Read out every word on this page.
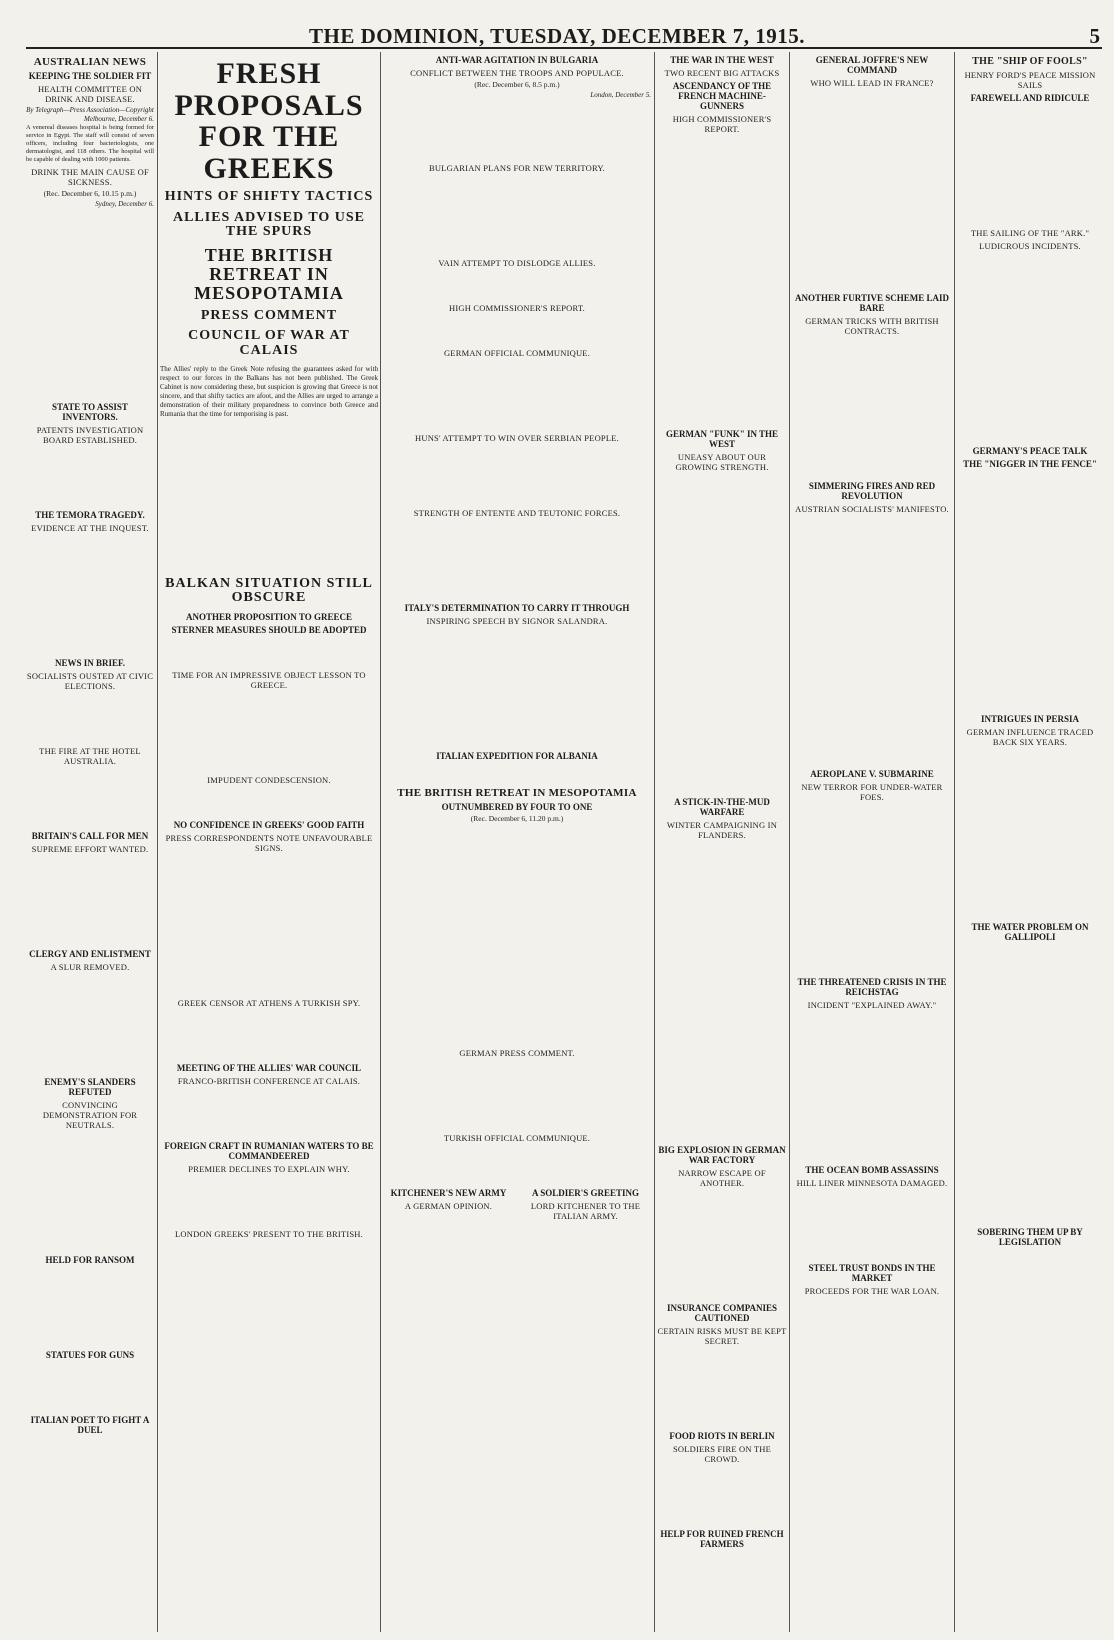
THE DOMINION, TUESDAY, DECEMBER 7, 1915.	5
AUSTRALIAN NEWS
KEEPING THE SOLDIER FIT
HEALTH COMMITTEE ON DRINK AND DISEASE.
By Telegraph—Press Association—Copyright
Melbourne, December 6.
A venereal diseases hospital is being formed for service in Egypt. The staff will consist of seven officers, including four bacteriologists, one dermatologist, and 118 others. The hospital will be capable of dealing with 1000 patients.
DRINK THE MAIN CAUSE OF SICKNESS.
(Rec. December 6, 10.15 p.m.)
Sydney, December 6.
STATE TO ASSIST INVENTORS.
PATENTS INVESTIGATION BOARD ESTABLISHED.
THE TEMORA TRAGEDY.
EVIDENCE AT THE INQUEST.
NEWS IN BRIEF.
SOCIALISTS OUSTED AT CIVIC ELECTIONS.
THE FIRE AT THE HOTEL AUSTRALIA.
BRITAIN'S CALL FOR MEN
SUPREME EFFORT WANTED.
CLERGY AND ENLISTMENT
A SLUR REMOVED.
ENEMY'S SLANDERS REFUTED
CONVINCING DEMONSTRATION FOR NEUTRALS.
HELD FOR RANSOM
STATUES FOR GUNS
ITALIAN POET TO FIGHT A DUEL
FRESH PROPOSALS FOR THE GREEKS
HINTS OF SHIFTY TACTICS
ALLIES ADVISED TO USE THE SPURS
THE BRITISH RETREAT IN MESOPOTAMIA
PRESS COMMENT
COUNCIL OF WAR AT CALAIS
The Allies' reply to the Greek Note refusing the guarantees asked for with respect to our forces in the Balkans has not been published. The Greek Cabinet is now considering these, but suspicion is growing that Greece is not sincere, and that shifty tactics are afoot, and the Allies are urged to arrange a demonstration of their military preparedness to convince both Greece and Rumania that the time for temporising is past.
BALKAN SITUATION STILL OBSCURE
ANOTHER PROPOSITION TO GREECE
STERNER MEASURES SHOULD BE ADOPTED
TIME FOR AN IMPRESSIVE OBJECT LESSON TO GREECE.
IMPUDENT CONDESCENSION.
NO CONFIDENCE IN GREEKS' GOOD FAITH
PRESS CORRESPONDENTS NOTE UNFAVOURABLE SIGNS.
GREEK CENSOR AT ATHENS A TURKISH SPY.
MEETING OF THE ALLIES' WAR COUNCIL
FRANCO-BRITISH CONFERENCE AT CALAIS.
FOREIGN CRAFT IN RUMANIAN WATERS TO BE COMMANDEERED
PREMIER DECLINES TO EXPLAIN WHY.
LONDON GREEKS' PRESENT TO THE BRITISH.
ANTI-WAR AGITATION IN BULGARIA
CONFLICT BETWEEN THE TROOPS AND POPULACE.
(Rec. December 6, 8.5 p.m.)
London, December 5.
BULGARIAN PLANS FOR NEW TERRITORY.
VAIN ATTEMPT TO DISLODGE ALLIES.
HIGH COMMISSIONER'S REPORT.
GERMAN OFFICIAL COMMUNIQUE.
HUNS' ATTEMPT TO WIN OVER SERBIAN PEOPLE.
STRENGTH OF ENTENTE AND TEUTONIC FORCES.
ITALY'S DETERMINATION TO CARRY IT THROUGH
INSPIRING SPEECH BY SIGNOR SALANDRA.
ITALIAN EXPEDITION FOR ALBANIA
THE BRITISH RETREAT IN MESOPOTAMIA
OUTNUMBERED BY FOUR TO ONE
(Rec. December 6, 11.20 p.m.)
GERMAN PRESS COMMENT.
TURKISH OFFICIAL COMMUNIQUE.
KITCHENER'S NEW ARMY
A GERMAN OPINION.
A SOLDIER'S GREETING
LORD KITCHENER TO THE ITALIAN ARMY.
THE WAR IN THE WEST
TWO RECENT BIG ATTACKS
ASCENDANCY OF THE FRENCH MACHINE-GUNNERS
HIGH COMMISSIONER'S REPORT.
GERMAN "FUNK" IN THE WEST
UNEASY ABOUT OUR GROWING STRENGTH.
A STICK-IN-THE-MUD WARFARE
WINTER CAMPAIGNING IN FLANDERS.
BIG EXPLOSION IN GERMAN WAR FACTORY
NARROW ESCAPE OF ANOTHER.
INSURANCE COMPANIES CAUTIONED
CERTAIN RISKS MUST BE KEPT SECRET.
FOOD RIOTS IN BERLIN
SOLDIERS FIRE ON THE CROWD.
HELP FOR RUINED FRENCH FARMERS
GENERAL JOFFRE'S NEW COMMAND
WHO WILL LEAD IN FRANCE?
ANOTHER FURTIVE SCHEME LAID BARE
GERMAN TRICKS WITH BRITISH CONTRACTS.
SIMMERING FIRES AND RED REVOLUTION
AUSTRIAN SOCIALISTS' MANIFESTO.
AEROPLANE V. SUBMARINE
NEW TERROR FOR UNDER-WATER FOES.
THE THREATENED CRISIS IN THE REICHSTAG
INCIDENT "EXPLAINED AWAY."
THE OCEAN BOMB ASSASSINS
HILL LINER MINNESOTA DAMAGED.
STEEL TRUST BONDS IN THE MARKET
PROCEEDS FOR THE WAR LOAN.
THE "SHIP OF FOOLS"
HENRY FORD'S PEACE MISSION SAILS
FAREWELL AND RIDICULE
THE SAILING OF THE "ARK."
LUDICROUS INCIDENTS.
GERMANY'S PEACE TALK
THE "NIGGER IN THE FENCE"
INTRIGUES IN PERSIA
GERMAN INFLUENCE TRACED BACK SIX YEARS.
THE WATER PROBLEM ON GALLIPOLI
SOBERING THEM UP BY LEGISLATION
